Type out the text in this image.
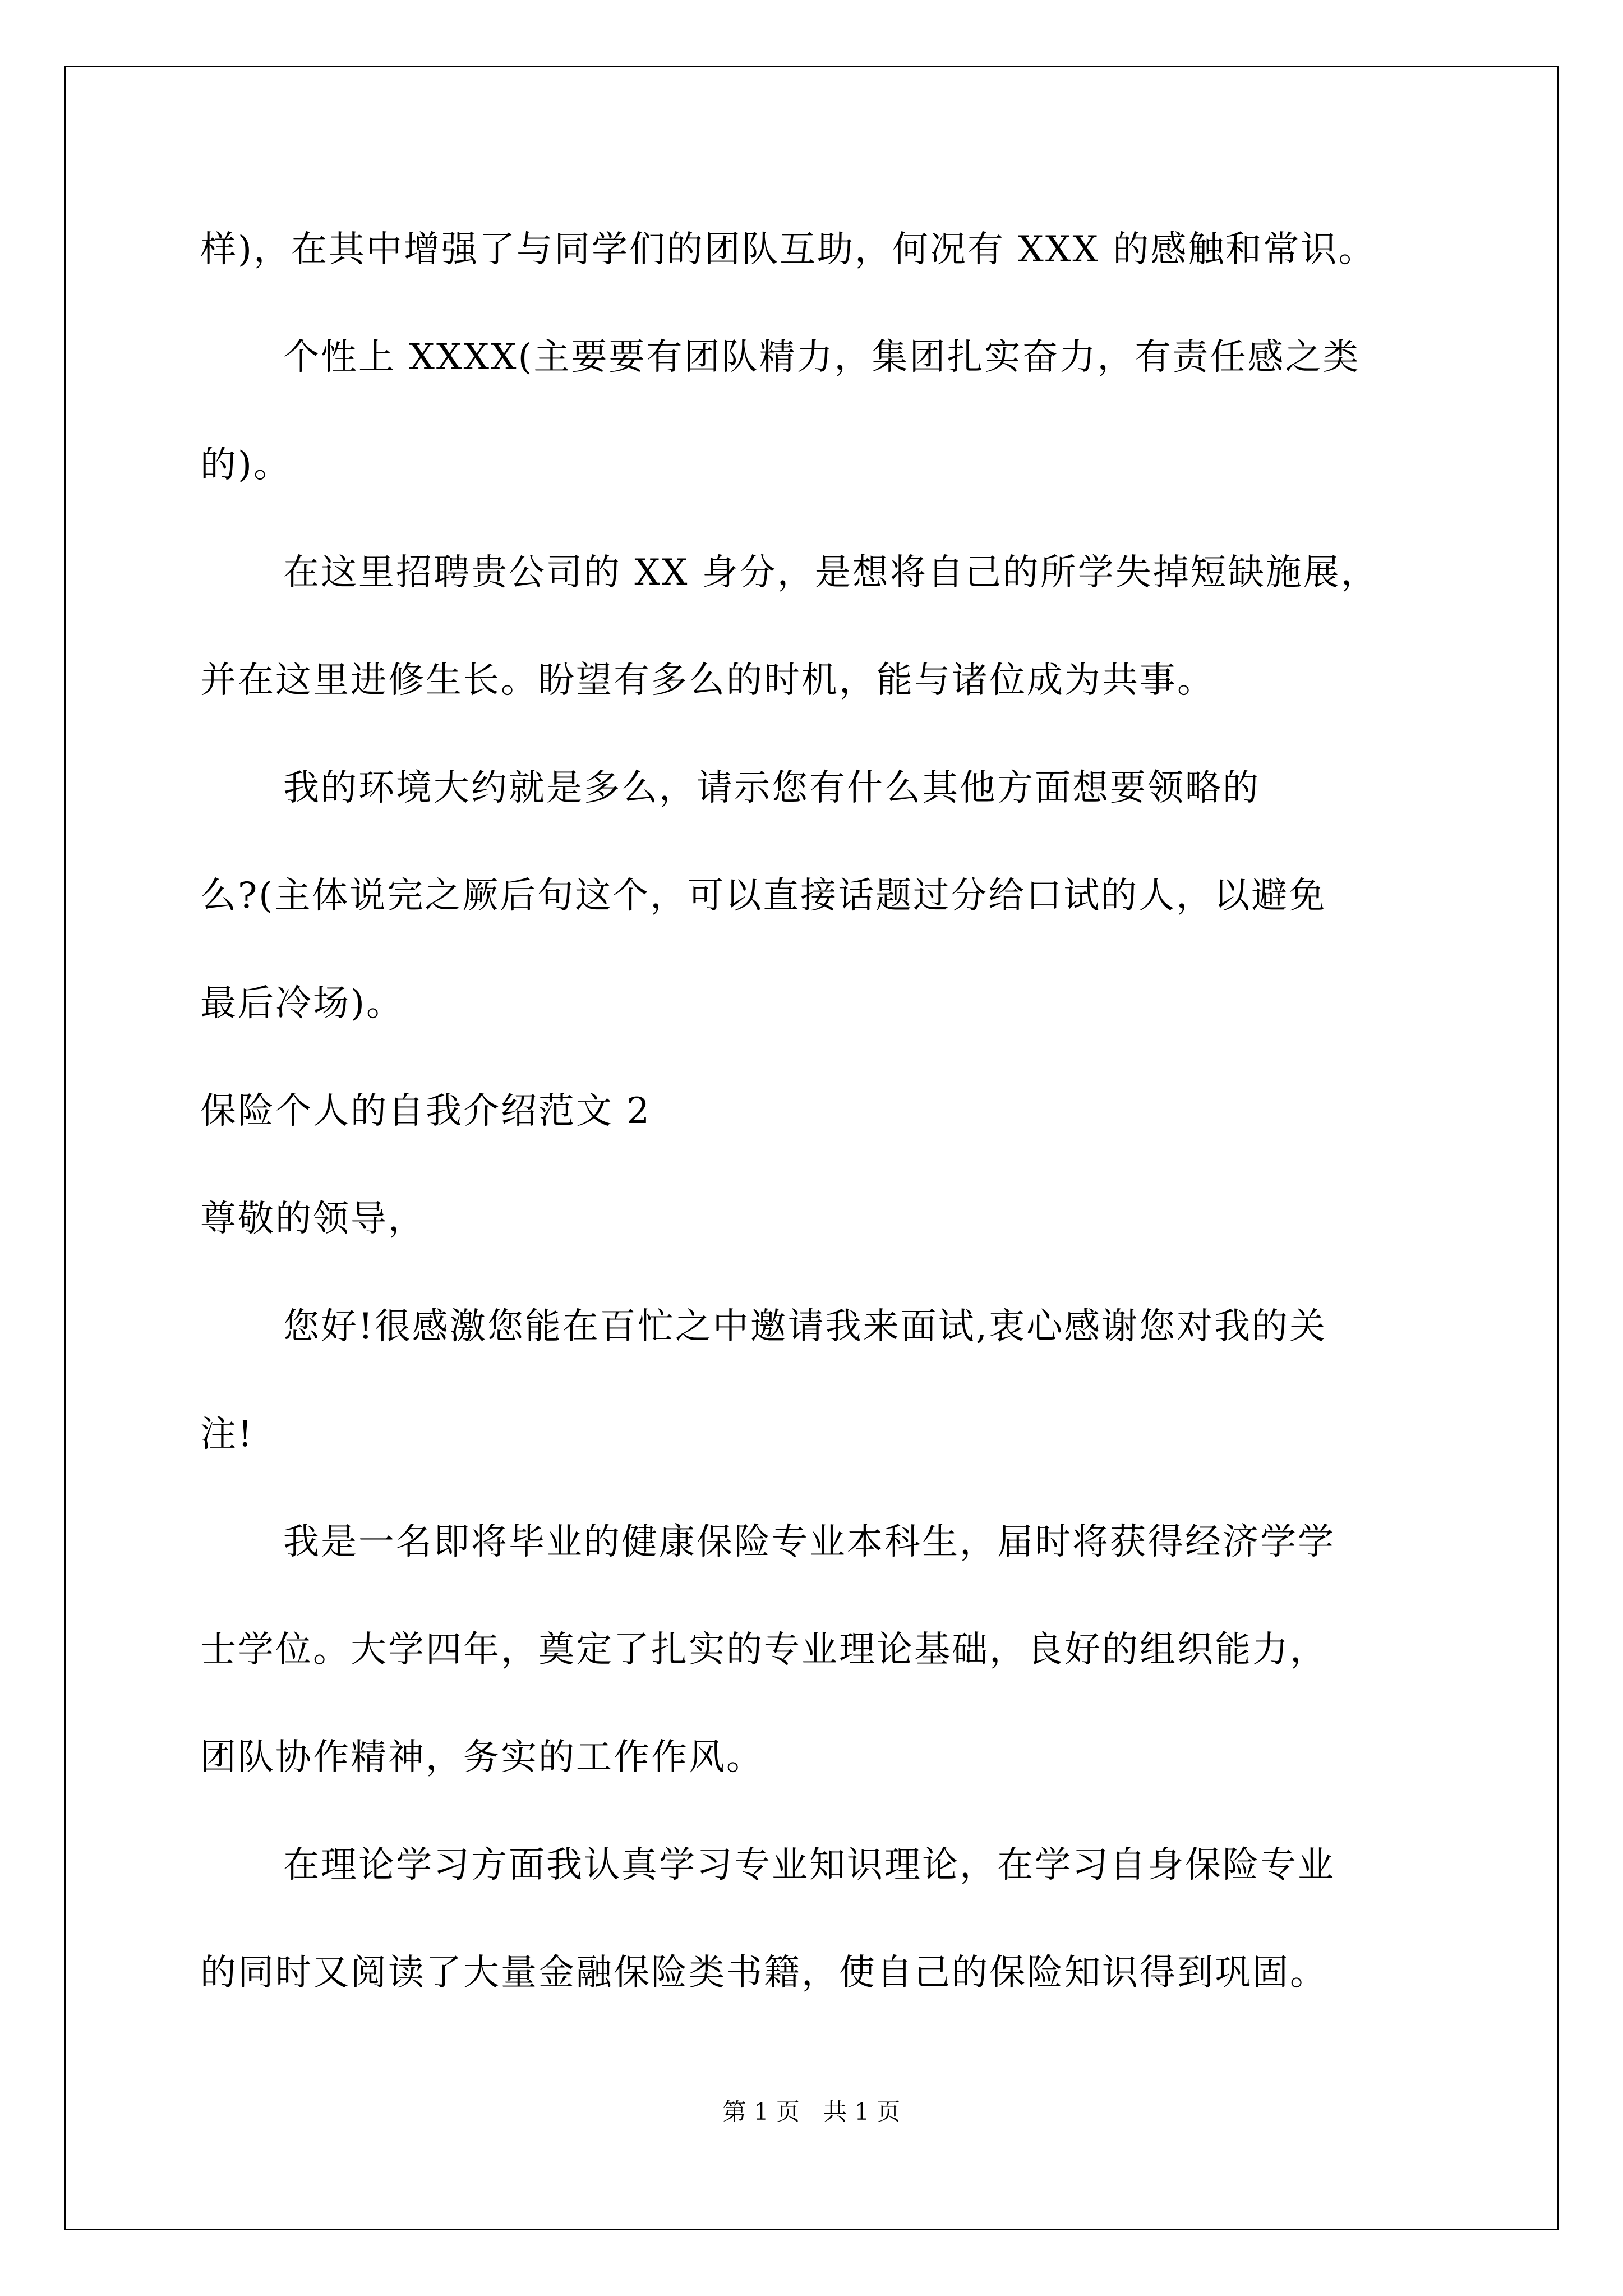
样)，在其中增强了与同学们的团队互助，何况有 XXX 的感触和常识。
个性上 XXXX(主要要有团队精力，集团扎实奋力，有责任感之类
的)。
在这里招聘贵公司的 XX 身分，是想将自己的所学失掉短缺施展，
并在这里进修生长。盼望有多么的时机，能与诸位成为共事。
我的环境大约就是多么，请示您有什么其他方面想要领略的
么?(主体说完之厥后句这个，可以直接话题过分给口试的人，以避免
最后冷场)。
保险个人的自我介绍范文 2
尊敬的领导，
您好!很感激您能在百忙之中邀请我来面试,衷心感谢您对我的关
注!
我是一名即将毕业的健康保险专业本科生，届时将获得经济学学
士学位。大学四年，奠定了扎实的专业理论基础，良好的组织能力，
团队协作精神，务实的工作作风。
在理论学习方面我认真学习专业知识理论，在学习自身保险专业
的同时又阅读了大量金融保险类书籍，使自己的保险知识得到巩固。
第 1 页　共 1 页
